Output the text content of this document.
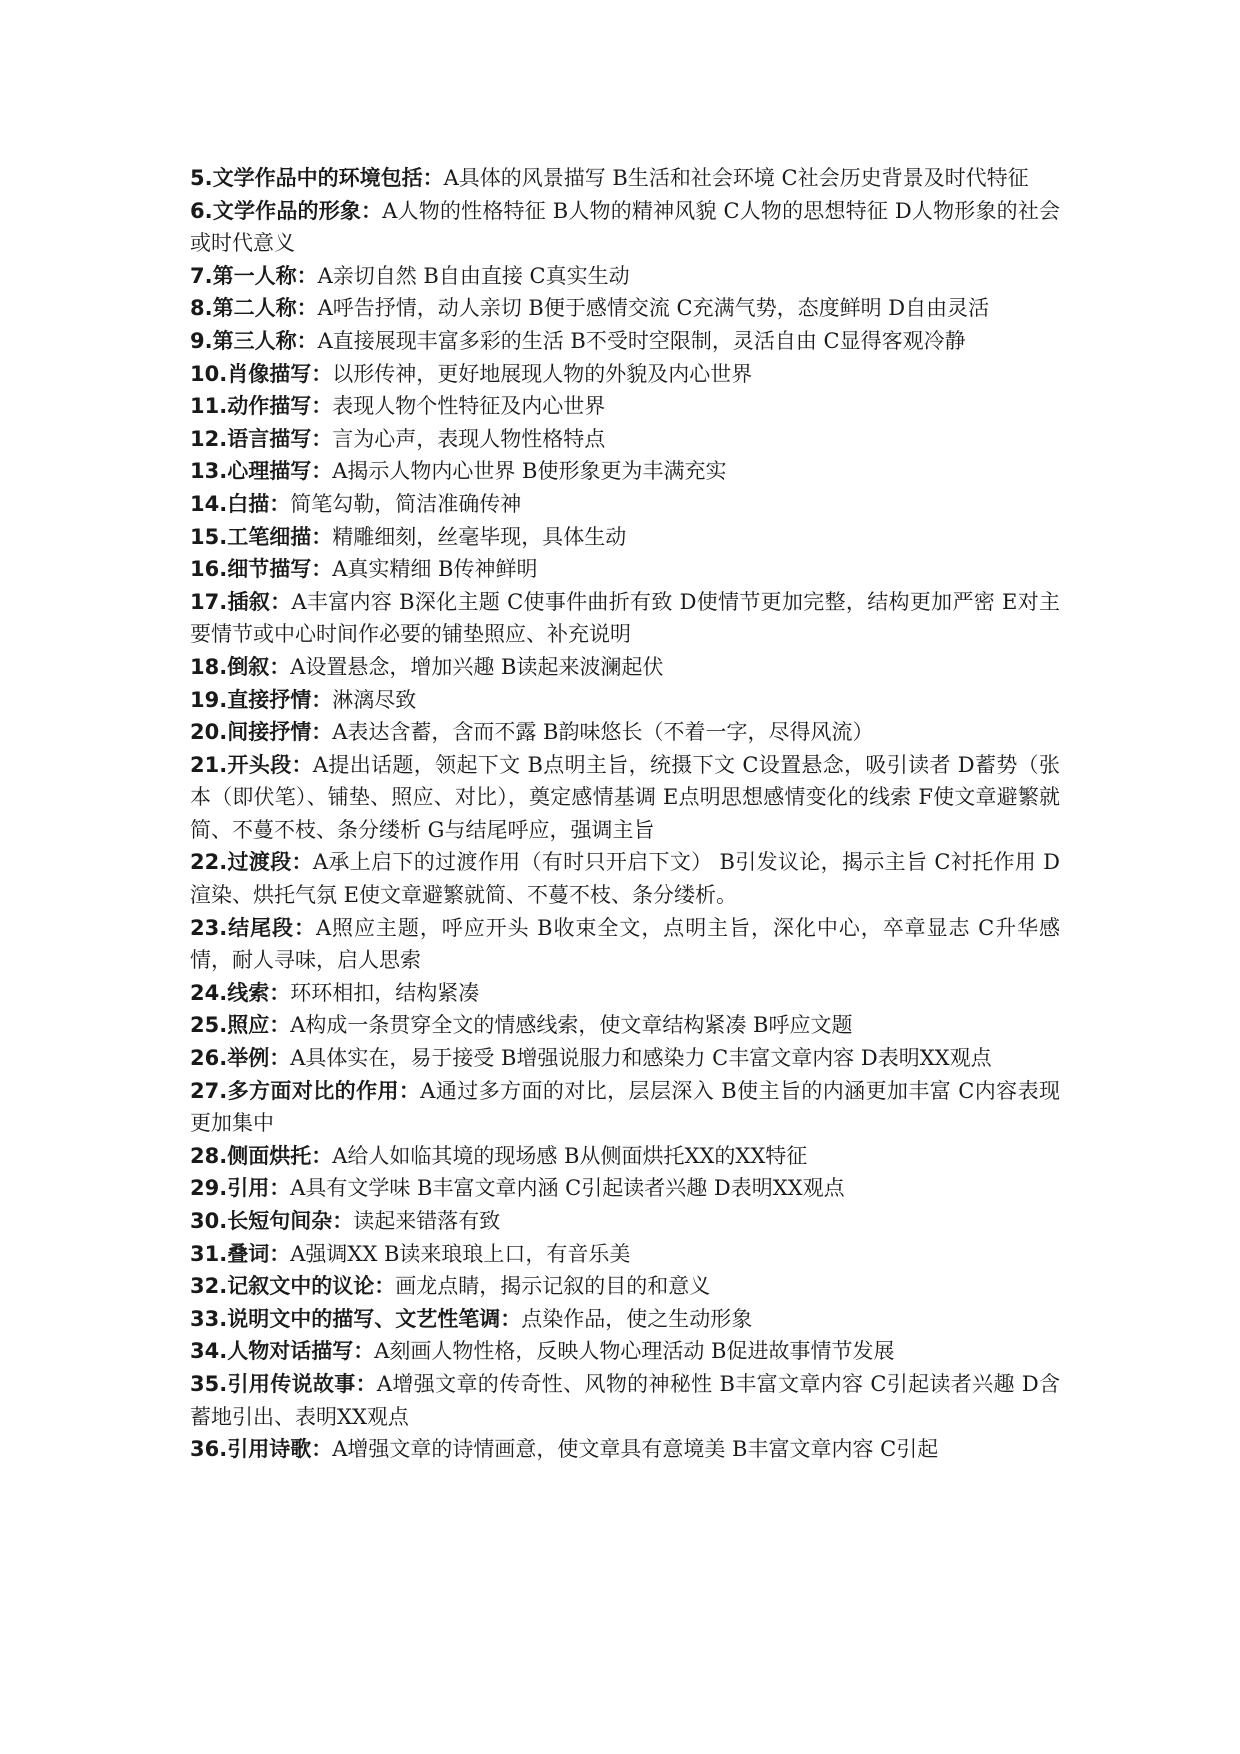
5.文学作品中的环境包括：A具体的风景描写 B生活和社会环境 C社会历史背景及时代特征

6.文学作品的形象：A人物的性格特征 B人物的精神风貌 C人物的思想特征 D人物形象的社会或时代意义

7.第一人称：A亲切自然 B自由直接 C真实生动

8.第二人称：A呼告抒情，动人亲切 B便于感情交流 C充满气势，态度鲜明 D自由灵活

9.第三人称：A直接展现丰富多彩的生活 B不受时空限制，灵活自由 C显得客观冷静

10.肖像描写：以形传神，更好地展现人物的外貌及内心世界

11.动作描写：表现人物个性特征及内心世界

12.语言描写：言为心声，表现人物性格特点

13.心理描写：A揭示人物内心世界 B使形象更为丰满充实

14.白描：简笔勾勒，简洁准确传神

15.工笔细描：精雕细刻，丝毫毕现，具体生动

16.细节描写：A真实精细 B传神鲜明

17.插叙：A丰富内容 B深化主题 C使事件曲折有致 D使情节更加完整，结构更加严密 E对主要情节或中心时间作必要的铺垫照应、补充说明

18.倒叙：A设置悬念，增加兴趣 B读起来波澜起伏

19.直接抒情：淋漓尽致

20.间接抒情：A表达含蓄，含而不露 B韵味悠长（不着一字，尽得风流）

21.开头段：A提出话题，领起下文 B点明主旨，统摄下文 C设置悬念，吸引读者 D蓄势（张本（即伏笔）、铺垫、照应、对比），奠定感情基调 E点明思想感情变化的线索 F使文章避繁就简、不蔓不枝、条分缕析 G与结尾呼应，强调主旨

22.过渡段：A承上启下的过渡作用（有时只开启下文） B引发议论，揭示主旨 C衬托作用 D渲染、烘托气氛 E使文章避繁就简、不蔓不枝、条分缕析。

23.结尾段：A照应主题，呼应开头 B收束全文，点明主旨，深化中心，卒章显志 C升华感情，耐人寻味，启人思索

24.线索：环环相扣，结构紧凑

25.照应：A构成一条贯穿全文的情感线索，使文章结构紧凑 B呼应文题

26.举例：A具体实在，易于接受 B增强说服力和感染力 C丰富文章内容 D表明XX观点

27.多方面对比的作用：A通过多方面的对比，层层深入 B使主旨的内涵更加丰富 C内容表现更加集中

28.侧面烘托：A给人如临其境的现场感 B从侧面烘托XX的XX特征

29.引用：A具有文学味 B丰富文章内涵 C引起读者兴趣 D表明XX观点

30.长短句间杂：读起来错落有致

31.叠词：A强调XX B读来琅琅上口，有音乐美

32.记叙文中的议论：画龙点睛，揭示记叙的目的和意义

33.说明文中的描写、文艺性笔调：点染作品，使之生动形象

34.人物对话描写：A刻画人物性格，反映人物心理活动 B促进故事情节发展

35.引用传说故事：A增强文章的传奇性、风物的神秘性 B丰富文章内容 C引起读者兴趣 D含蓄地引出、表明XX观点

36.引用诗歌：A增强文章的诗情画意，使文章具有意境美 B丰富文章内容 C引起
